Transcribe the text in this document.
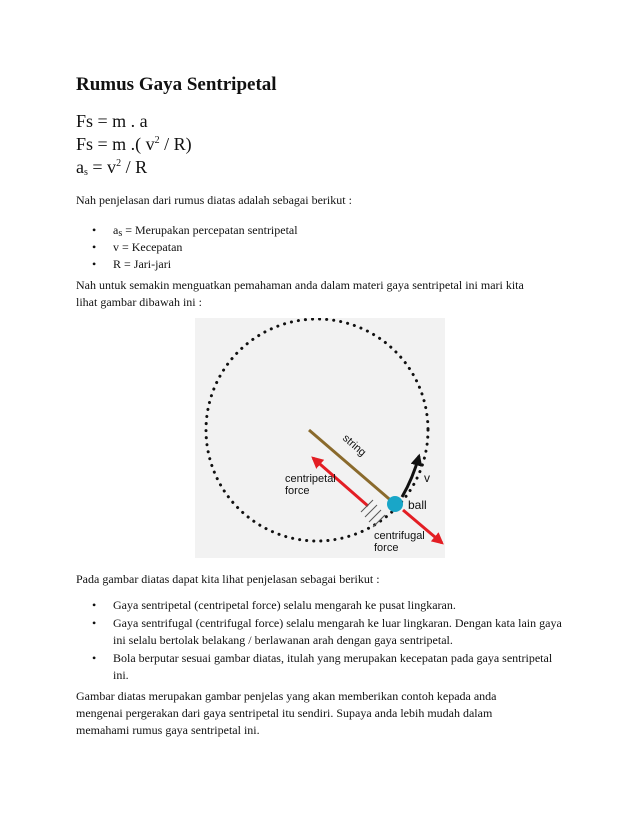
Rumus Gaya Sentripetal

Fs = m . a

Fs = m .( $v^2 / R$)

$a_s = v^2 / R$

Nah penjelasan dari rumus diatas adalah sebagai berikut :

• $a_s$ = Merupakan percepatan sentripetal
• v = Kecepatan
• R = Jari-jari

Nah untuk semakin menguatkan pemahaman anda dalam materi gaya sentripetal ini mari kita
lihat gambar dibawah ini :

string
v
ball
centripetal
force
centrifugal
force

Pada gambar diatas dapat kita lihat penjelasan sebagai berikut :

• Gaya sentripetal (centripetal force) selalu mengarah ke pusat lingkaran.
• Gaya sentrifugal (centrifugal force) selalu mengarah ke luar lingkaran. Dengan kata lain gaya ini selalu bertolak belakang / berlawanan arah dengan gaya sentripetal.
• Bola berputar sesuai gambar diatas, itulah yang merupakan kecepatan pada gaya sentripetal ini.

Gambar diatas merupakan gambar penjelas yang akan memberikan contoh kepada anda
mengenai pergerakan dari gaya sentripetal itu sendiri. Supaya anda lebih mudah dalam
memahami rumus gaya sentripetal ini.
